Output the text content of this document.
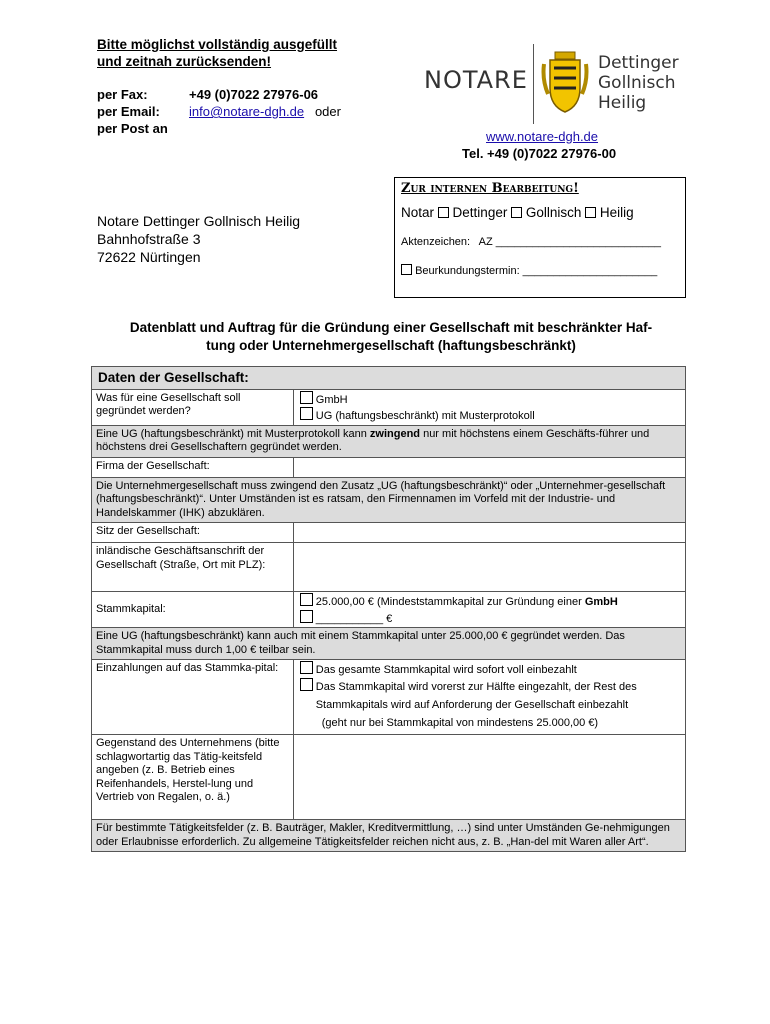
Bitte möglichst vollständig ausgefüllt
und zeitnah zurücksenden!
per Fax:	+49 (0)7022 27976-06
per Email: info@notare-dgh.de oder
per Post an
NOTARE
Dettinger
Gollnisch
Heilig
www.notare-dgh.de
Tel. +49 (0)7022 27976-00
Notare Dettinger Gollnisch Heilig
Bahnhofstraße 3
72622 Nürtingen
Zur internen Bearbeitung!
Notar Dettinger Gollnisch Heilig
Aktenzeichen:   AZ ___________________________
Beurkundungstermin: ______________________
Datenblatt und Auftrag für die Gründung einer Gesellschaft mit beschränkter Haf-
tung oder Unternehmergesellschaft (haftungsbeschränkt)
Daten der Gesellschaft:	
Was für eine Gesellschaft soll gegründet werden?	GmbH
UG (haftungsbeschränkt) mit Musterprotokoll

Eine UG (haftungsbeschränkt) mit Musterprotokoll kann zwingend nur mit höchstens einem Geschäfts-führer und höchstens drei Gesellschaftern gegründet werden.	
Firma der Gesellschaft:	
Die Unternehmergesellschaft muss zwingend den Zusatz „UG (haftungsbeschränkt)“ oder „Unternehmer-gesellschaft (haftungsbeschränkt)“. Unter Umständen ist es ratsam, den Firmennamen im Vorfeld mit der Industrie- und Handelskammer (IHK) abzuklären.	
Sitz der Gesellschaft:	
inländische Geschäftsanschrift der Gesellschaft (Straße, Ort mit PLZ):	
Stammkapital:	25.000,00 € (Mindeststammkapital zur Gründung einer GmbH
___________ €

Eine UG (haftungsbeschränkt) kann auch mit einem Stammkapital unter 25.000,00 € gegründet werden. Das Stammkapital muss durch 1,00 € teilbar sein.	
Einzahlungen auf das Stammka-pital:	Das gesamte Stammkapital wird sofort voll einbezahlt
Das Stammkapital wird vorerst zur Hälfte eingezahlt, der Rest des
Stammkapitals wird auf Anforderung der Gesellschaft einbezahlt
(geht nur bei Stammkapital von mindestens 25.000,00 €)

Gegenstand des Unternehmens (bitte schlagwortartig das Tätig-keitsfeld angeben (z. B. Betrieb eines Reifenhandels, Herstel-lung und Vertrieb von Regalen, o. ä.)	
Für bestimmte Tätigkeitsfelder (z. B. Bauträger, Makler, Kreditvermittlung, …) sind unter Umständen Ge-nehmigungen oder Erlaubnisse erforderlich. Zu allgemeine Tätigkeitsfelder reichen nicht aus, z. B. „Han-del mit Waren aller Art“.	
